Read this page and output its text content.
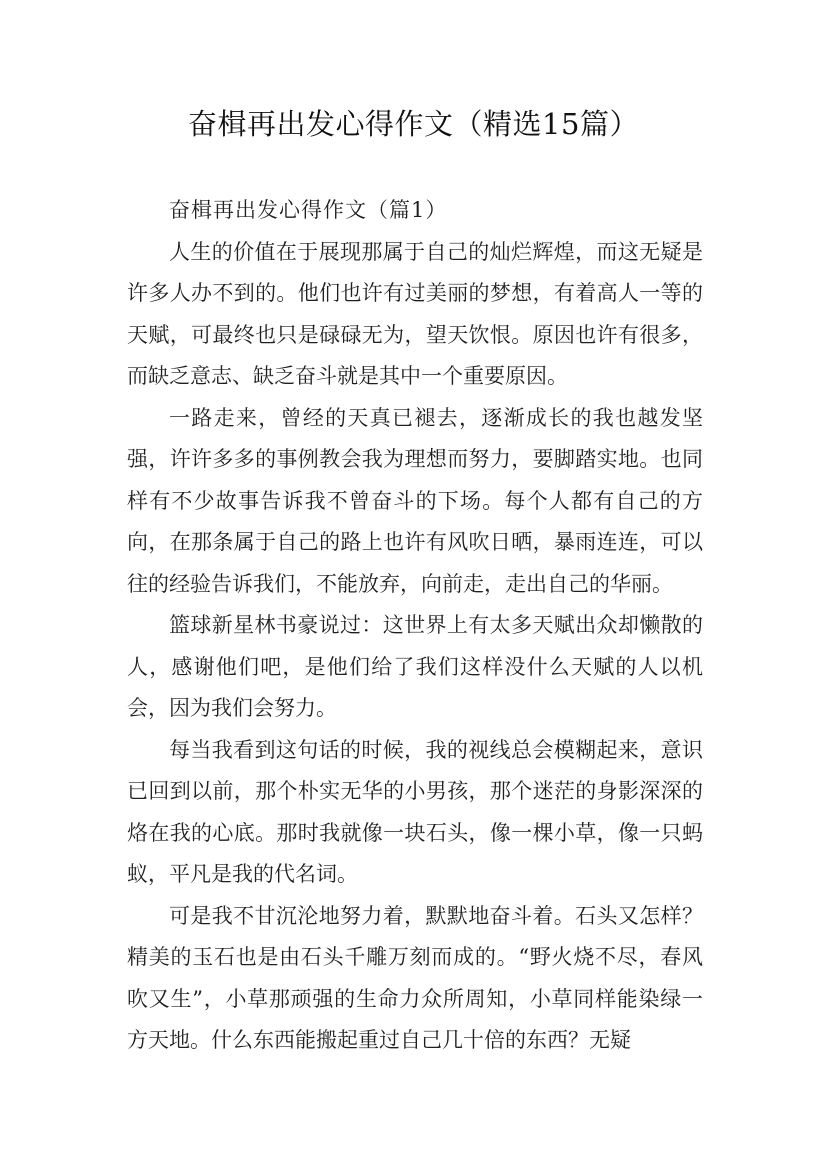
奋楫再出发心得作文（精选15篇）

奋楫再出发心得作文（篇1）

人生的价值在于展现那属于自己的灿烂辉煌，而这无疑是许多人办不到的。他们也许有过美丽的梦想，有着高人一等的天赋，可最终也只是碌碌无为，望天饮恨。原因也许有很多，而缺乏意志、缺乏奋斗就是其中一个重要原因。

一路走来，曾经的天真已褪去，逐渐成长的我也越发坚强，许许多多的事例教会我为理想而努力，要脚踏实地。也同样有不少故事告诉我不曾奋斗的下场。每个人都有自己的方向，在那条属于自己的路上也许有风吹日晒，暴雨连连，可以往的经验告诉我们，不能放弃，向前走，走出自己的华丽。

篮球新星林书豪说过：这世界上有太多天赋出众却懒散的人，感谢他们吧，是他们给了我们这样没什么天赋的人以机会，因为我们会努力。

每当我看到这句话的时候，我的视线总会模糊起来，意识已回到以前，那个朴实无华的小男孩，那个迷茫的身影深深的烙在我的心底。那时我就像一块石头，像一棵小草，像一只蚂蚁，平凡是我的代名词。

可是我不甘沉沦地努力着，默默地奋斗着。石头又怎样？精美的玉石也是由石头千雕万刻而成的。“野火烧不尽，春风吹又生”，小草那顽强的生命力众所周知，小草同样能染绿一方天地。什么东西能搬起重过自己几十倍的东西？无疑
